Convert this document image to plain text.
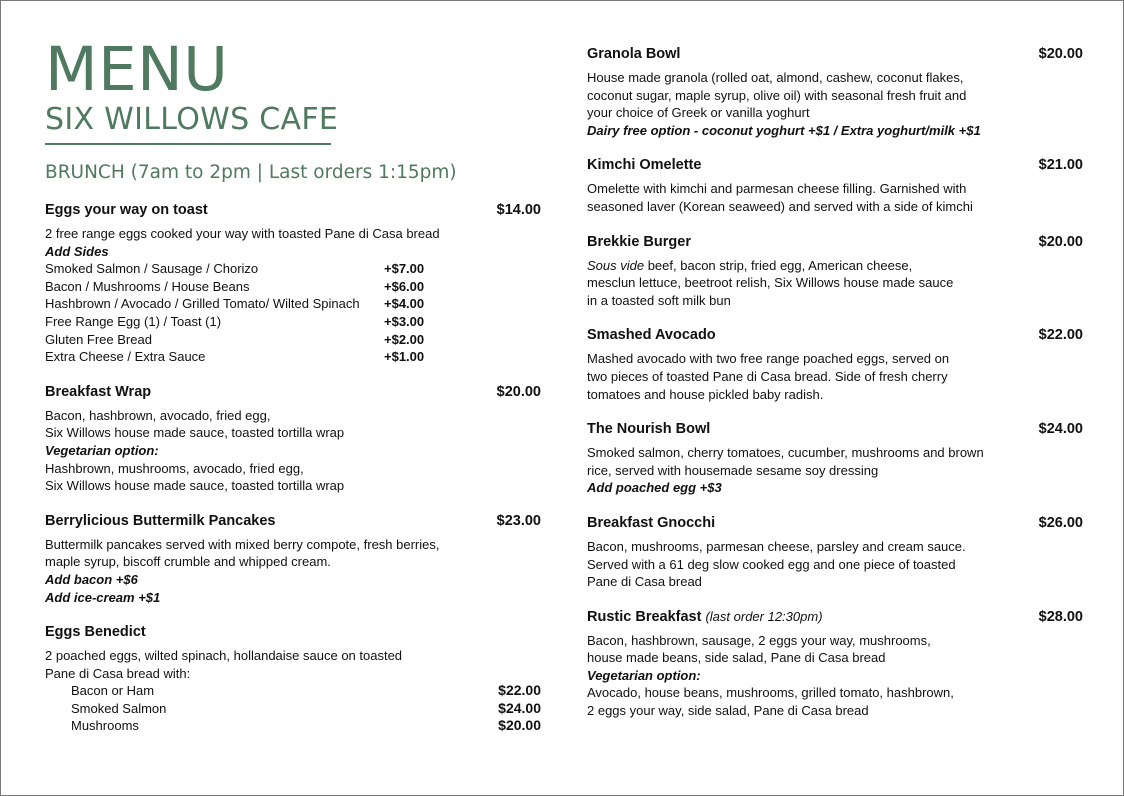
MENU
SIX WILLOWS CAFE
BRUNCH (7am to 2pm | Last orders 1:15pm)
Eggs your way on toast	$14.00

2 free range eggs cooked your way with toasted Pane di Casa bread

Add Sides

Smoked Salmon / Sausage / Chorizo	+$7.00
Bacon / Mushrooms / House Beans	+$6.00
Hashbrown / Avocado / Grilled Tomato/ Wilted Spinach	+$4.00
Free Range Egg (1) / Toast (1)	+$3.00
Gluten Free Bread	+$2.00
Extra Cheese / Extra Sauce	+$1.00
Breakfast Wrap	$20.00

Bacon, hashbrown, avocado, fried egg,

Six Willows house made sauce, toasted tortilla wrap

Vegetarian option:

Hashbrown, mushrooms, avocado, fried egg,

Six Willows house made sauce, toasted tortilla wrap

Berrylicious Buttermilk Pancakes	$23.00

Buttermilk pancakes served with mixed berry compote, fresh berries,

maple syrup, biscoff crumble and whipped cream.

Add bacon +$6

Add ice-cream +$1

Eggs Benedict

2 poached eggs, wilted spinach, hollandaise sauce on toasted

Pane di Casa bread with:

Bacon or Ham	$22.00
Smoked Salmon	$24.00
Mushrooms	$20.00
Granola Bowl	$20.00

House made granola (rolled oat, almond, cashew, coconut flakes,

coconut sugar, maple syrup, olive oil) with seasonal fresh fruit and

your choice of Greek or vanilla yoghurt

Dairy free option - coconut yoghurt +$1 / Extra yoghurt/milk +$1

Kimchi Omelette	$21.00

Omelette with kimchi and parmesan cheese filling. Garnished with

seasoned laver (Korean seaweed) and served with a side of kimchi

Brekkie Burger	$20.00

Sous vide beef, bacon strip, fried egg, American cheese,

mesclun lettuce, beetroot relish, Six Willows house made sauce

in a toasted soft milk bun

Smashed Avocado	$22.00

Mashed avocado with two free range poached eggs, served on

two pieces of toasted Pane di Casa bread. Side of fresh cherry

tomatoes and house pickled baby radish.

The Nourish Bowl	$24.00

Smoked salmon, cherry tomatoes, cucumber, mushrooms and brown

rice, served with housemade sesame soy dressing

Add poached egg +$3

Breakfast Gnocchi	$26.00

Bacon, mushrooms, parmesan cheese, parsley and cream sauce.

Served with a 61 deg slow cooked egg and one piece of toasted

Pane di Casa bread

Rustic Breakfast (last order 12:30pm)	$28.00

Bacon, hashbrown, sausage, 2 eggs your way, mushrooms,

house made beans, side salad, Pane di Casa bread

Vegetarian option:

Avocado, house beans, mushrooms, grilled tomato, hashbrown,

2 eggs your way, side salad, Pane di Casa bread
